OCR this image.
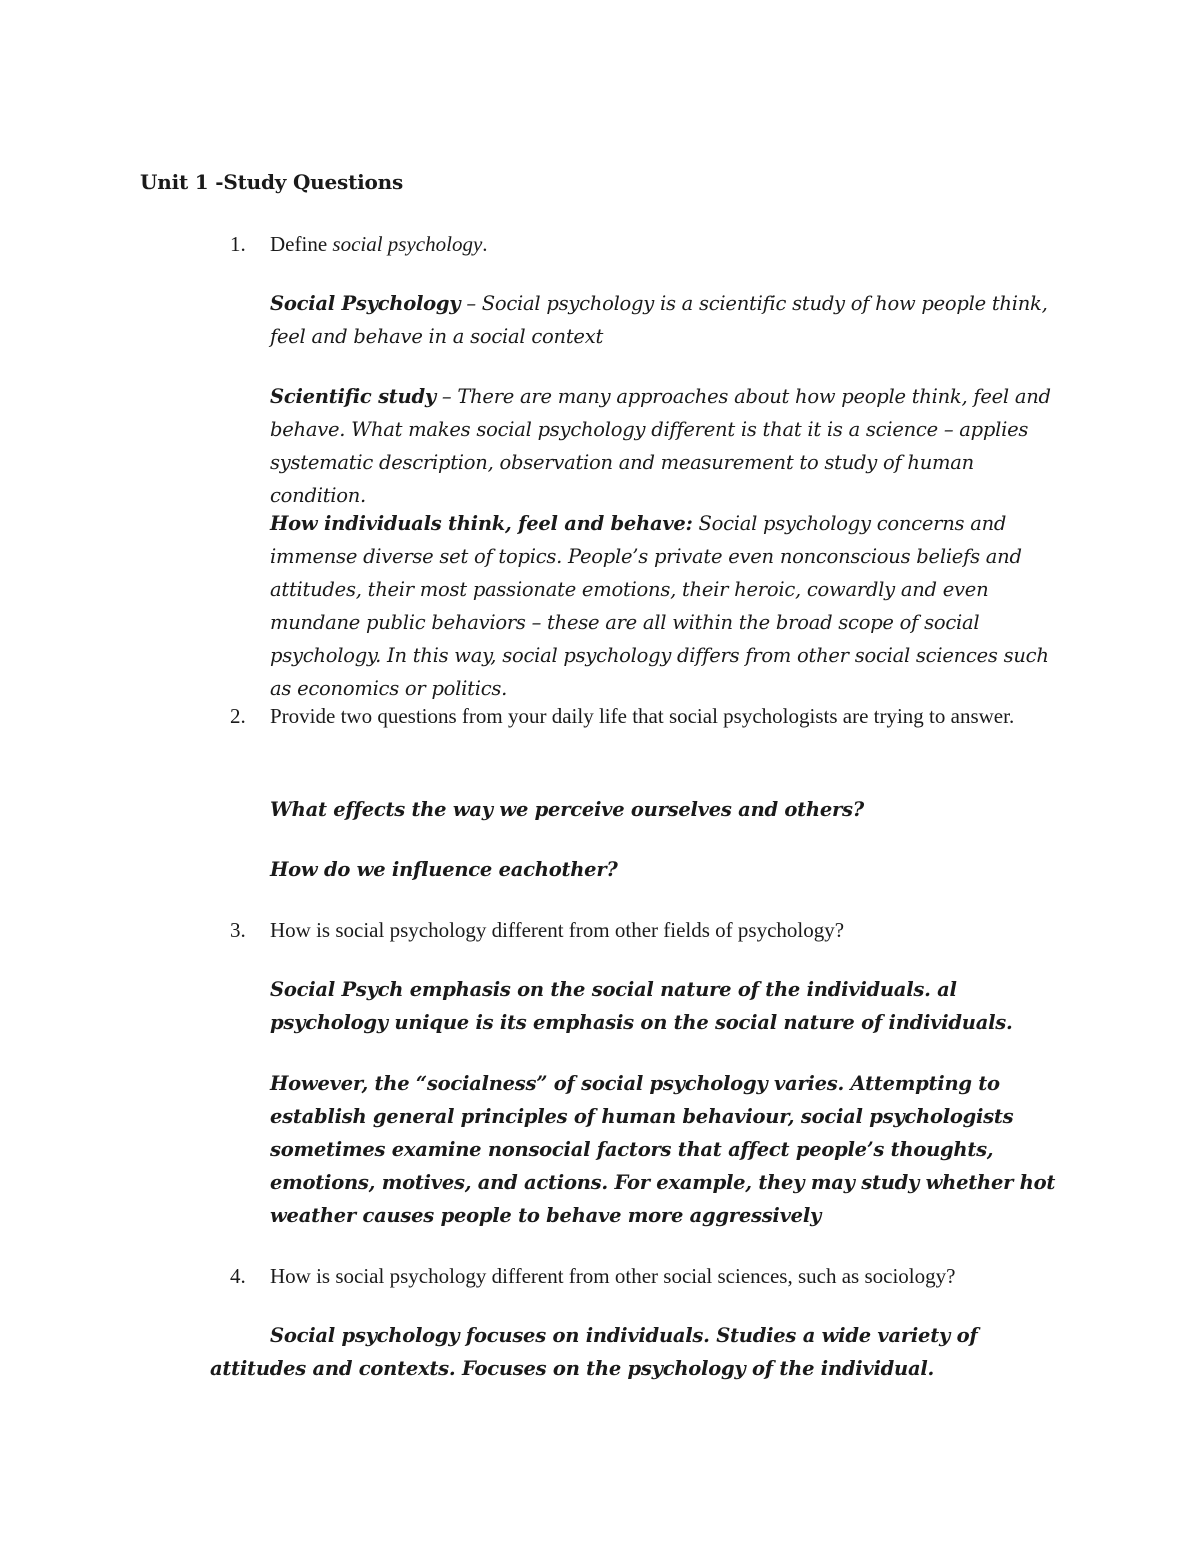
Unit 1 -Study Questions
1. Define social psychology.
Social Psychology – Social psychology is a scientific study of how people think, feel and behave in a social context
Scientific study – There are many approaches about how people think, feel and behave. What makes social psychology different is that it is a science – applies systematic description, observation and measurement to study of human condition.
How individuals think, feel and behave: Social psychology concerns and immense diverse set of topics. People’s private even nonconscious beliefs and attitudes, their most passionate emotions, their heroic, cowardly and even mundane public behaviors – these are all within the broad scope of social psychology. In this way, social psychology differs from other social sciences such as economics or politics.
2. Provide two questions from your daily life that social psychologists are trying to answer.
What effects the way we perceive ourselves and others?
How do we influence eachother?
3. How is social psychology different from other fields of psychology?
Social Psych emphasis on the social nature of the individuals. al psychology unique is its emphasis on the social nature of individuals.
However, the “socialness” of social psychology varies. Attempting to establish general principles of human behaviour, social psychologists sometimes examine nonsocial factors that affect people’s thoughts, emotions, motives, and actions. For example, they may study whether hot weather causes people to behave more aggressively
4. How is social psychology different from other social sciences, such as sociology?
Social psychology focuses on individuals. Studies a wide variety of attitudes and contexts. Focuses on the psychology of the individual.
